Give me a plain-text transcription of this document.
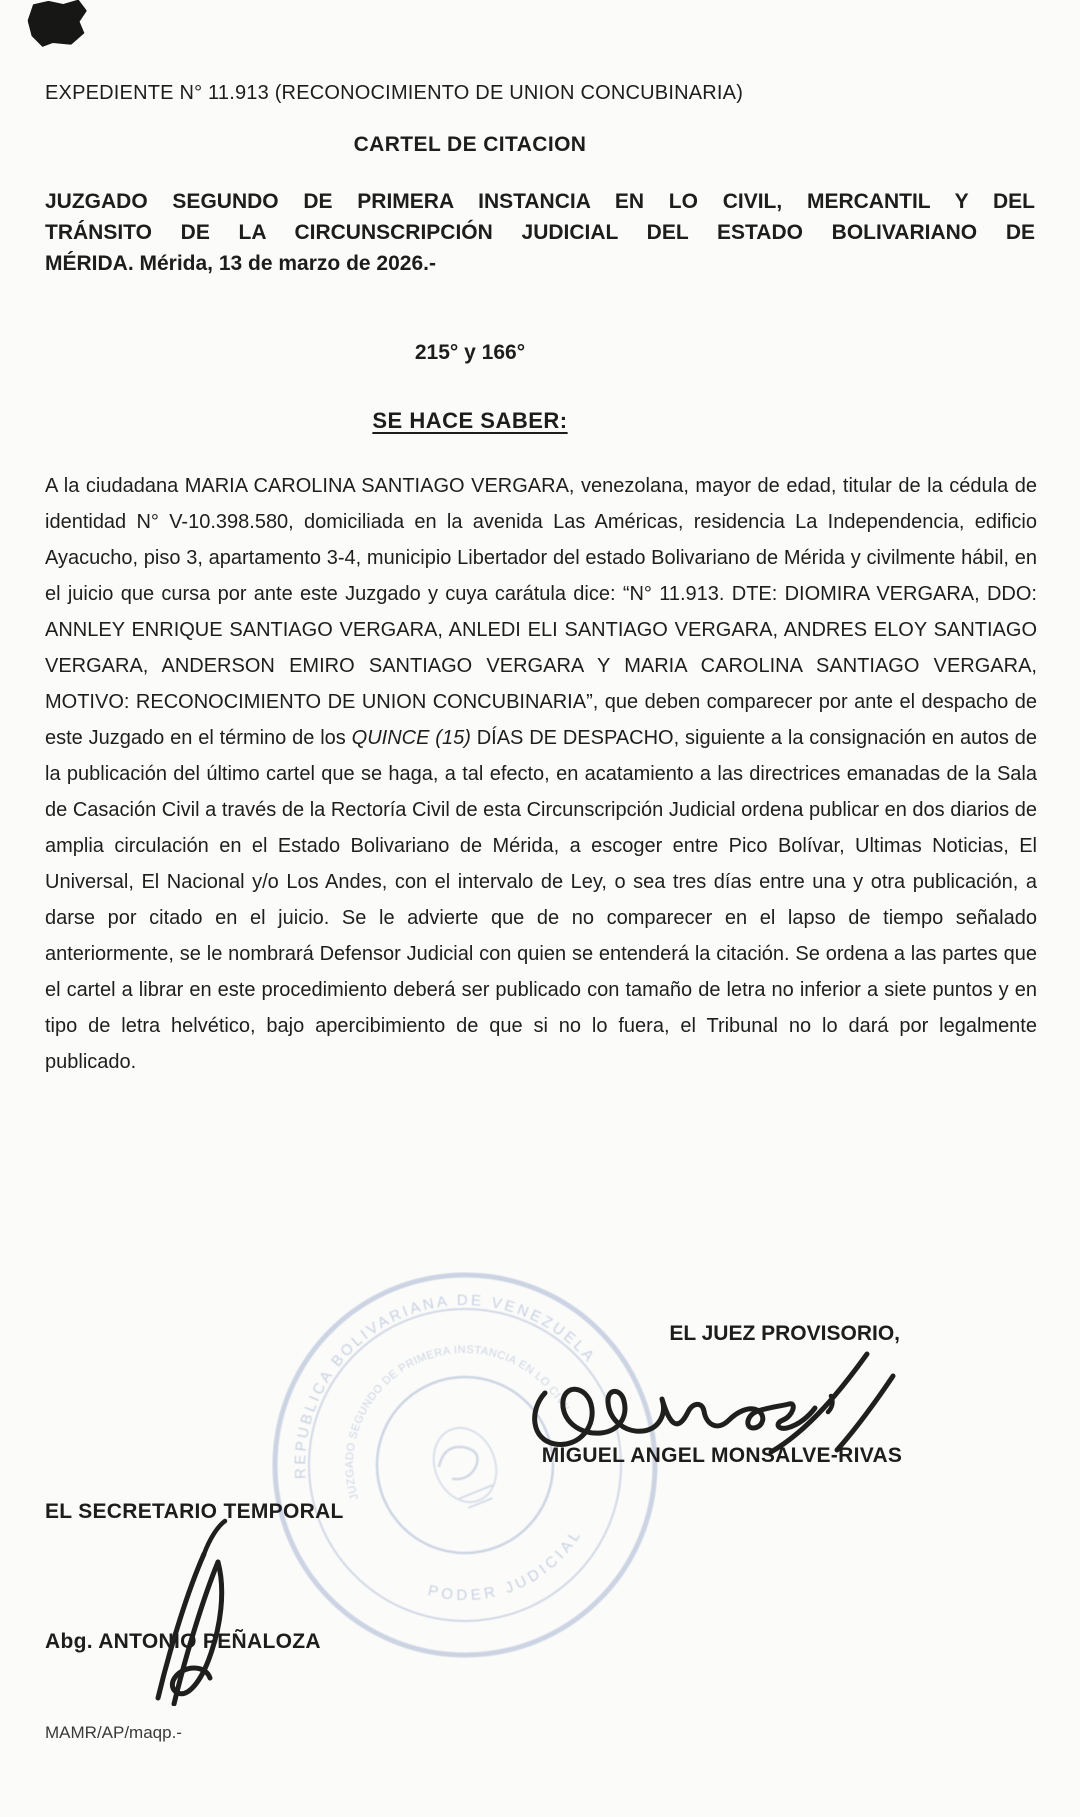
EXPEDIENTE N° 11.913 (RECONOCIMIENTO DE UNION CONCUBINARIA)
CARTEL DE CITACION
JUZGADO SEGUNDO DE PRIMERA INSTANCIA EN LO CIVIL, MERCANTIL Y DEL
TRÁNSITO DE LA CIRCUNSCRIPCIÓN JUDICIAL DEL ESTADO BOLIVARIANO DE
MÉRIDA. Mérida, 13 de marzo de 2026.-
215° y 166°
SE HACE SABER:

A la ciudadana MARIA CAROLINA SANTIAGO VERGARA, venezolana, mayor de edad, titular de la cédula de identidad N° V-10.398.580, domiciliada en la avenida Las Américas, residencia La Independencia, edificio Ayacucho, piso 3, apartamento 3-4, municipio Libertador del estado Bolivariano de Mérida y civilmente hábil, en el juicio que cursa por ante este Juzgado y cuya carátula dice: “N° 11.913. DTE: DIOMIRA VERGARA, DDO: ANNLEY ENRIQUE SANTIAGO VERGARA, ANLEDI ELI SANTIAGO VERGARA, ANDRES ELOY SANTIAGO VERGARA, ANDERSON EMIRO SANTIAGO VERGARA Y MARIA CAROLINA SANTIAGO VERGARA, MOTIVO: RECONOCIMIENTO DE UNION CONCUBINARIA”, que deben comparecer por ante el despacho de este Juzgado en el término de los QUINCE (15) DÍAS DE DESPACHO, siguiente a la consignación en autos de la publicación del último cartel que se haga, a tal efecto, en acatamiento a las directrices emanadas de la Sala de Casación Civil a través de la Rectoría Civil de esta Circunscripción Judicial ordena publicar en dos diarios de amplia circulación en el Estado Bolivariano de Mérida, a escoger entre Pico Bolívar, Ultimas Noticias, El Universal, El Nacional y/o Los Andes, con el intervalo de Ley, o sea tres días entre una y otra publicación, a darse por citado en el juicio. Se le advierte que de no comparecer en el lapso de tiempo señalado anteriormente, se le nombrará Defensor Judicial con quien se entenderá la citación. Se ordena a las partes que el cartel a librar en este procedimiento deberá ser publicado con tamaño de letra no inferior a siete puntos y en tipo de letra helvético, bajo apercibimiento de que si no lo fuera, el Tribunal no lo dará por legalmente publicado.

REPUBLICA BOLIVARIANA DE VENEZUELA
PODER JUDICIAL
JUZGADO SEGUNDO DE PRIMERA INSTANCIA EN LO CIVIL
EL JUEZ PROVISORIO,
MIGUEL ANGEL MONSALVE-RIVAS
EL SECRETARIO TEMPORAL
Abg. ANTONIO PEÑALOZA
MAMR/AP/maqp.-
